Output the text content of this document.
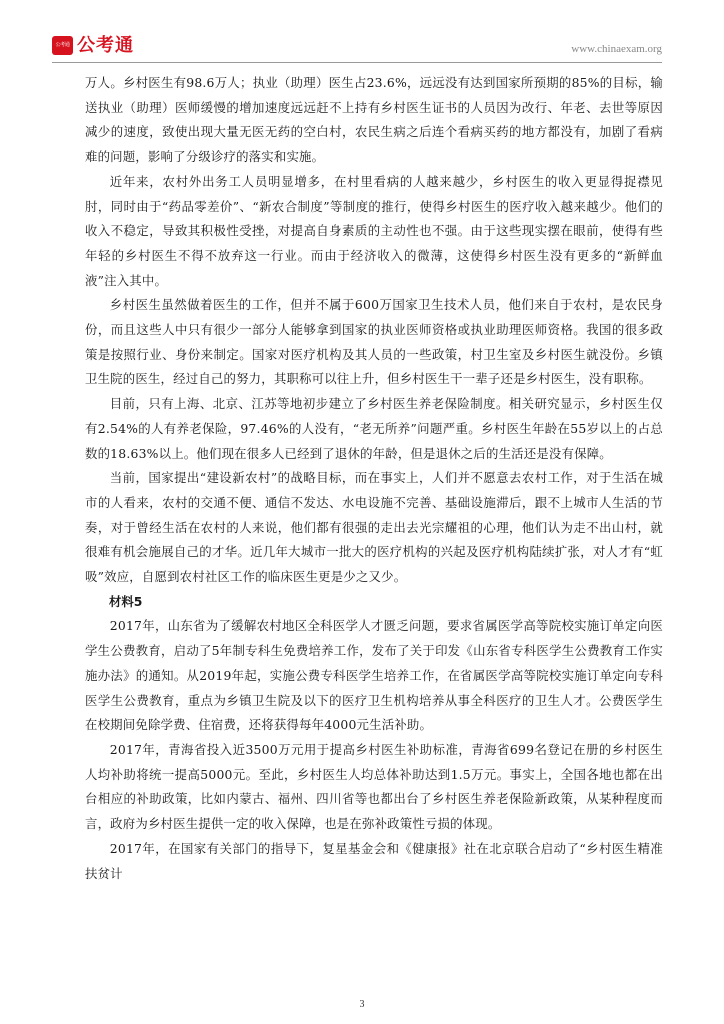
公考通 公考通	www.chinaexam.org

万人。乡村医生有98.6万人；执业（助理）医生占23.6%，远远没有达到国家所预期的85%的目标，输送执业（助理）医师缓慢的增加速度远远赶不上持有乡村医生证书的人员因为改行、年老、去世等原因减少的速度，致使出现大量无医无药的空白村，农民生病之后连个看病买药的地方都没有，加剧了看病难的问题，影响了分级诊疗的落实和实施。

近年来，农村外出务工人员明显增多，在村里看病的人越来越少，乡村医生的收入更显得捉襟见肘，同时由于“药品零差价”、“新农合制度”等制度的推行，使得乡村医生的医疗收入越来越少。他们的收入不稳定，导致其积极性受挫，对提高自身素质的主动性也不强。由于这些现实摆在眼前，使得有些年轻的乡村医生不得不放弃这一行业。而由于经济收入的微薄，这使得乡村医生没有更多的“新鲜血液”注入其中。

乡村医生虽然做着医生的工作，但并不属于600万国家卫生技术人员，他们来自于农村，是农民身份，而且这些人中只有很少一部分人能够拿到国家的执业医师资格或执业助理医师资格。我国的很多政策是按照行业、身份来制定。国家对医疗机构及其人员的一些政策，村卫生室及乡村医生就没份。乡镇卫生院的医生，经过自己的努力，其职称可以往上升，但乡村医生干一辈子还是乡村医生，没有职称。

目前，只有上海、北京、江苏等地初步建立了乡村医生养老保险制度。相关研究显示，乡村医生仅有2.54%的人有养老保险，97.46%的人没有，“老无所养”问题严重。乡村医生年龄在55岁以上的占总数的18.63%以上。他们现在很多人已经到了退休的年龄，但是退休之后的生活还是没有保障。

当前，国家提出“建设新农村”的战略目标，而在事实上，人们并不愿意去农村工作，对于生活在城市的人看来，农村的交通不便、通信不发达、水电设施不完善、基础设施滞后，跟不上城市人生活的节奏，对于曾经生活在农村的人来说，他们都有很强的走出去光宗耀祖的心理，他们认为走不出山村，就很难有机会施展自己的才华。近几年大城市一批大的医疗机构的兴起及医疗机构陆续扩张，对人才有“虹吸”效应，自愿到农村社区工作的临床医生更是少之又少。

材料5

2017年，山东省为了缓解农村地区全科医学人才匮乏问题，要求省属医学高等院校实施订单定向医学生公费教育，启动了5年制专科生免费培养工作，发布了关于印发《山东省专科医学生公费教育工作实施办法》的通知。从2019年起，实施公费专科医学生培养工作，在省属医学高等院校实施订单定向专科医学生公费教育，重点为乡镇卫生院及以下的医疗卫生机构培养从事全科医疗的卫生人才。公费医学生在校期间免除学费、住宿费，还将获得每年4000元生活补助。

2017年，青海省投入近3500万元用于提高乡村医生补助标准，青海省699名登记在册的乡村医生人均补助将统一提高5000元。至此，乡村医生人均总体补助达到1.5万元。事实上，全国各地也都在出台相应的补助政策，比如内蒙古、福州、四川省等也都出台了乡村医生养老保险新政策，从某种程度而言，政府为乡村医生提供一定的收入保障，也是在弥补政策性亏损的体现。

2017年，在国家有关部门的指导下，复星基金会和《健康报》社在北京联合启动了“乡村医生精准扶贫计

3
